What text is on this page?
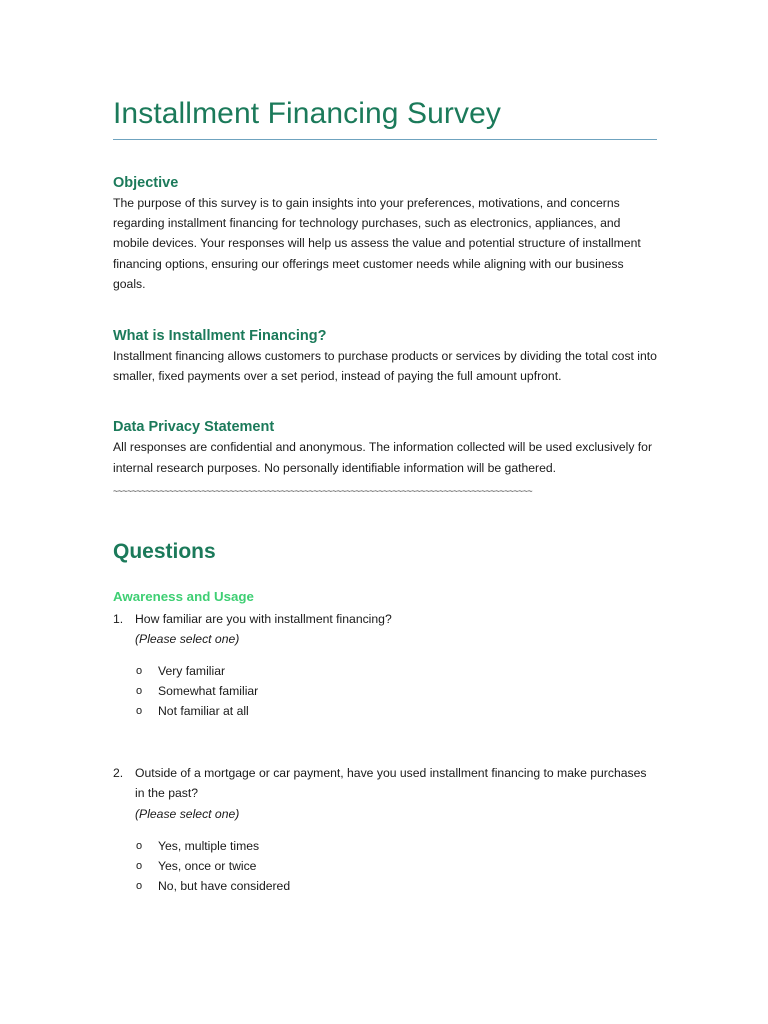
Installment Financing Survey
Objective

The purpose of this survey is to gain insights into your preferences, motivations, and concerns regarding installment financing for technology purchases, such as electronics, appliances, and mobile devices. Your responses will help us assess the value and potential structure of installment financing options, ensuring our offerings meet customer needs while aligning with our business goals.

What is Installment Financing?

Installment financing allows customers to purchase products or services by dividing the total cost into smaller, fixed payments over a set period, instead of paying the full amount upfront.

Data Privacy Statement

All responses are confidential and anonymous. The information collected will be used exclusively for internal research purposes. No personally identifiable information will be gathered.

~~~~~~~~~~~~~~~~~~~~~~~~~~~~~~~~~~~~~~~~~~~~~~~~~~~~~~~~~~~~~~~~~~~~~~~~~~~~~~~~~~~~~~~~~~
Questions
Awareness and Usage
1. How familiar are you with installment financing?
(Please select one)
o Very familiar
o Somewhat familiar
o Not familiar at all
2. Outside of a mortgage or car payment, have you used installment financing to make purchases in the past?
(Please select one)
o Yes, multiple times
o Yes, once or twice
o No, but have considered
